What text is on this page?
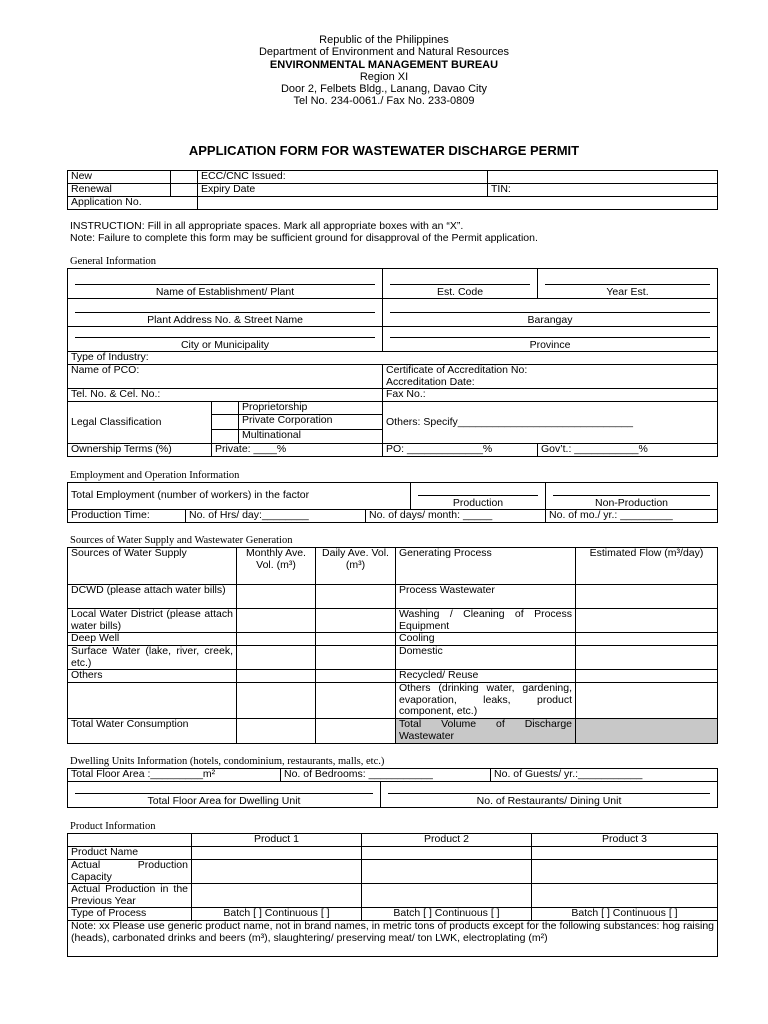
Republic of the Philippines
Department of Environment and Natural Resources
ENVIRONMENTAL MANAGEMENT BUREAU
Region XI
Door 2, Felbets Bldg., Lanang, Davao City
Tel No. 234-0061./ Fax No. 233-0809
APPLICATION FORM FOR WASTEWATER DISCHARGE PERMIT
New		ECC/CNC Issued:	
Renewal		Expiry Date	TIN:
Application No.			
INSTRUCTION: Fill in all appropriate spaces. Mark all appropriate boxes with an “X”.
Note: Failure to complete this form may be sufficient ground for disapproval of the Permit application.
General Information
Name of Establishment/ Plant			Est. Code	Year Est.

Plant Address No. & Street Name			Barangay	

City or Municipality			Province	
Type of Industry:				
Name of PCO:			Certificate of Accreditation No:
Accreditation Date:	

Tel. No. & Cel. No.:			Fax No.:	
Legal Classification		Proprietorship	Others: Specify______________________________	
		Private Corporation		
		Multinational		
Ownership Terms (%)	Private: ____%		PO: _____________%	Gov’t.: ___________%
Employment and Operation Information
Total Employment (number of workers) in the factor			Production	Non-Production
Production Time:	No. of Hrs/ day:________	No. of days/ month: _____		No. of mo./ yr.: _________
Sources of Water Supply and Wastewater Generation
Sources of Water Supply	Monthly Ave. Vol. (m³)	Daily Ave. Vol. (m³)	Generating Process	Estimated Flow (m³/day)
DCWD (please attach water bills)			Process Wastewater	
Local Water District (please attach water bills)			Washing / Cleaning of Process Equipment	
Deep Well			Cooling	
Surface Water (lake, river, creek, etc.)			Domestic	
Others			Recycled/ Reuse	
			Others (drinking water, gardening, evaporation, leaks, product component, etc.)	
Total Water Consumption			Total Volume of Discharge Wastewater	
Dwelling Units Information (hotels, condominium, restaurants, malls, etc.)
Total Floor Area :_________m²	No. of Bedrooms: ___________		No. of Guests/ yr.:___________

Total Floor Area for Dwelling Unit		No. of Restaurants/ Dining Unit	
Product Information
	Product 1	Product 2	Product 3
Product Name			
Actual Production Capacity			
Actual Production in the Previous Year			
Type of Process	Batch [ ] Continuous [ ]	Batch [ ] Continuous [ ]	Batch [ ] Continuous [ ]
Note: xx Please use generic product name, not in brand names, in metric tons of products except for the following substances: hog raising (heads), carbonated drinks and beers (m³), slaughtering/ preserving meat/ ton LWK, electroplating (m²)			
